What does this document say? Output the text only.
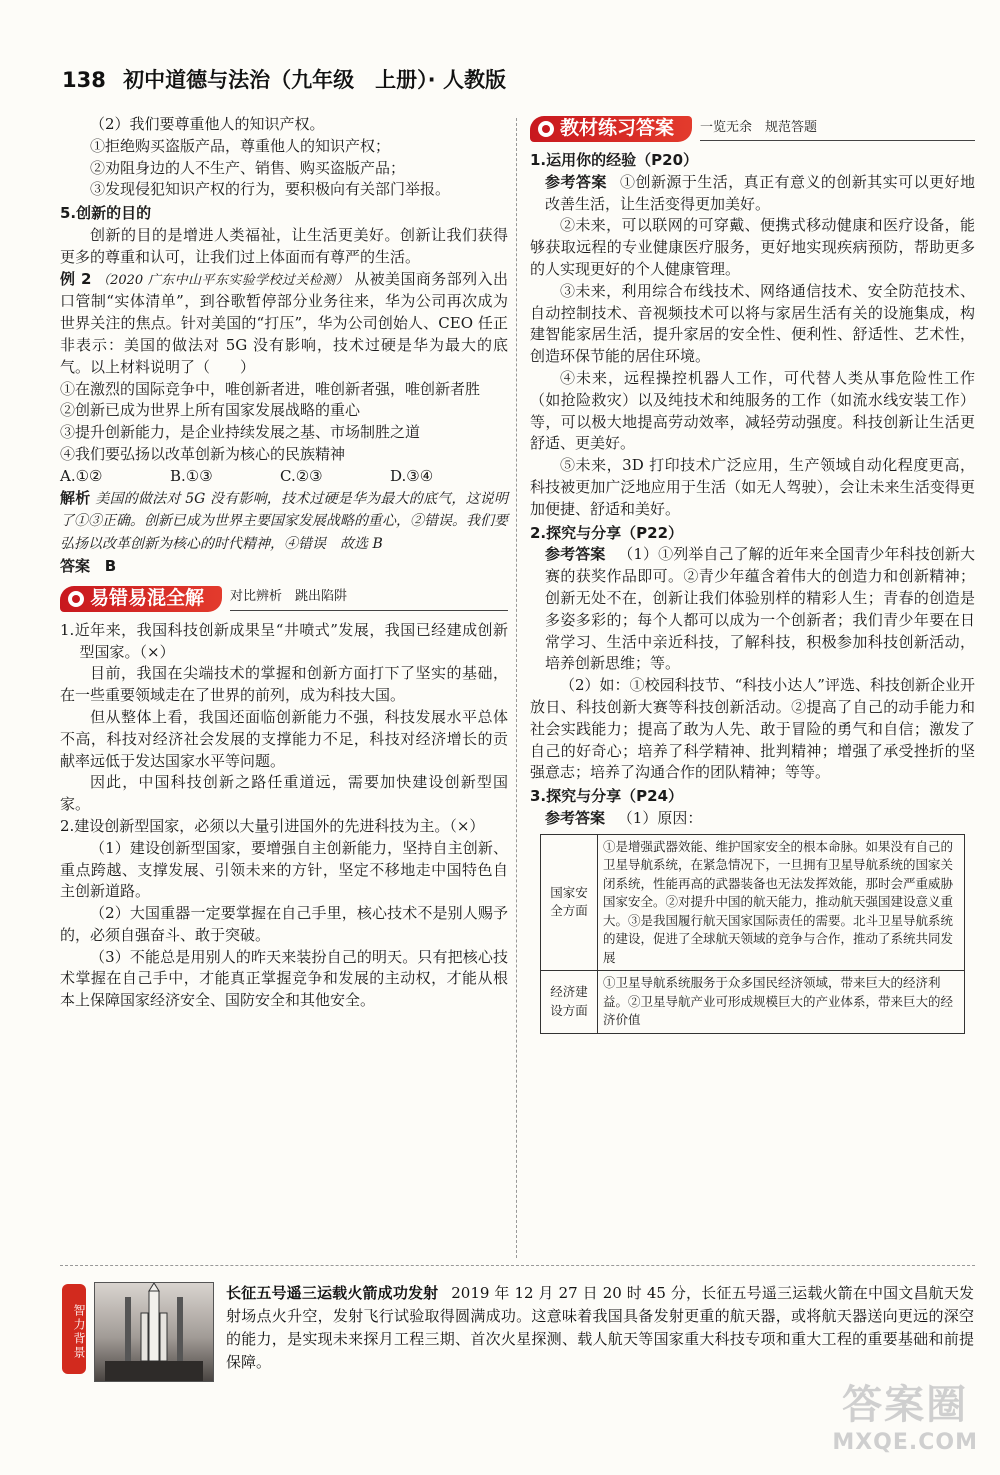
138 初中道德与法治（九年级　上册）· 人教版

（2）我们要尊重他人的知识产权。

①拒绝购买盗版产品，尊重他人的知识产权；

②劝阻身边的人不生产、销售、购买盗版产品；

③发现侵犯知识产权的行为，要积极向有关部门举报。

5.创新的目的

创新的目的是增进人类福祉，让生活更美好。创新让我们获得更多的尊重和认可，让我们过上体面而有尊严的生活。

例 2 （2020 广东中山平东实验学校过关检测） 从被美国商务部列入出口管制“实体清单”，到谷歌暂停部分业务往来，华为公司再次成为世界关注的焦点。针对美国的“打压”，华为公司创始人、CEO 任正非表示：美国的做法对 5G 没有影响，技术过硬是华为最大的底气。以上材料说明了（　　）

①在激烈的国际竞争中，唯创新者进，唯创新者强，唯创新者胜

②创新已成为世界上所有国家发展战略的重心

③提升创新能力，是企业持续发展之基、市场制胜之道

④我们要弘扬以改革创新为核心的民族精神

A.①②	B.①③	C.②③	D.③④

解析 美国的做法对 5G 没有影响，技术过硬是华为最大的底气，这说明了①③正确。创新已成为世界主要国家发展战略的重心，②错误。我们要弘扬以改革创新为核心的时代精神，④错误　故选 B

答案 B

易错易混全解 对比辨析　跳出陷阱

1.近年来，我国科技创新成果呈“井喷式”发展，我国已经建成创新型国家。（×）

目前，我国在尖端技术的掌握和创新方面打下了坚实的基础，在一些重要领域走在了世界的前列，成为科技大国。

但从整体上看，我国还面临创新能力不强，科技发展水平总体不高，科技对经济社会发展的支撑能力不足，科技对经济增长的贡献率远低于发达国家水平等问题。

因此，中国科技创新之路任重道远，需要加快建设创新型国家。

2.建设创新型国家，必须以大量引进国外的先进科技为主。（×）

（1）建设创新型国家，要增强自主创新能力，坚持自主创新、重点跨越、支撑发展、引领未来的方针，坚定不移地走中国特色自主创新道路。

（2）大国重器一定要掌握在自己手里，核心技术不是别人赐予的，必须自强奋斗、敢于突破。

（3）不能总是用别人的昨天来装扮自己的明天。只有把核心技术掌握在自己手中，才能真正掌握竞争和发展的主动权，才能从根本上保障国家经济安全、国防安全和其他安全。

教材练习答案 一览无余　规范答题

1.运用你的经验（P20）

参考答案 ①创新源于生活，真正有意义的创新其实可以更好地改善生活，让生活变得更加美好。

②未来，可以联网的可穿戴、便携式移动健康和医疗设备，能够获取远程的专业健康医疗服务，更好地实现疾病预防，帮助更多的人实现更好的个人健康管理。

③未来，利用综合布线技术、网络通信技术、安全防范技术、自动控制技术、音视频技术可以将与家居生活有关的设施集成，构建智能家居生活，提升家居的安全性、便利性、舒适性、艺术性，创造环保节能的居住环境。

④未来，远程操控机器人工作，可代替人类从事危险性工作（如抢险救灾）以及纯技术和纯服务的工作（如流水线安装工作）等，可以极大地提高劳动效率，减轻劳动强度。科技创新让生活更舒适、更美好。

⑤未来，3D 打印技术广泛应用，生产领域自动化程度更高，科技被更加广泛地应用于生活（如无人驾驶），会让未来生活变得更加便捷、舒适和美好。

2.探究与分享（P22）

参考答案 （1）①列举自己了解的近年来全国青少年科技创新大赛的获奖作品即可。②青少年蕴含着伟大的创造力和创新精神；创新无处不在，创新让我们体验别样的精彩人生；青春的创造是多姿多彩的；每个人都可以成为一个创新者；我们青少年要在日常学习、生活中亲近科技，了解科技，积极参加科技创新活动，培养创新思维；等。

（2）如：①校园科技节、“科技小达人”评选、科技创新企业开放日、科技创新大赛等科技创新活动。②提高了自己的动手能力和社会实践能力；提高了敢为人先、敢于冒险的勇气和自信；激发了自己的好奇心；培养了科学精神、批判精神；增强了承受挫折的坚强意志；培养了沟通合作的团队精神；等等。

3.探究与分享（P24）

参考答案 （1）原因：

国家安全方面	①是增强武器效能、维护国家安全的根本命脉。如果没有自己的卫星导航系统，在紧急情况下，一旦拥有卫星导航系统的国家关闭系统，性能再高的武器装备也无法发挥效能，那时会严重威胁国家安全。②对提升中国的航天能力，推动航天强国建设意义重大。③是我国履行航天国家国际责任的需要。北斗卫星导航系统的建设，促进了全球航天领域的竞争与合作，推动了系统共同发展
经济建设方面	①卫星导航系统服务于众多国民经济领域，带来巨大的经济利益。②卫星导航产业可形成规模巨大的产业体系，带来巨大的经济价值
智力背景
长征五号遥三运载火箭成功发射 2019 年 12 月 27 日 20 时 45 分，长征五号遥三运载火箭在中国文昌航天发射场点火升空，发射飞行试验取得圆满成功。这意味着我国具备发射更重的航天器，或将航天器送向更远的深空的能力，是实现未来探月工程三期、首次火星探测、载人航天等国家重大科技专项和重大工程的重要基础和前提保障。
答案圈
MXQE.COM
